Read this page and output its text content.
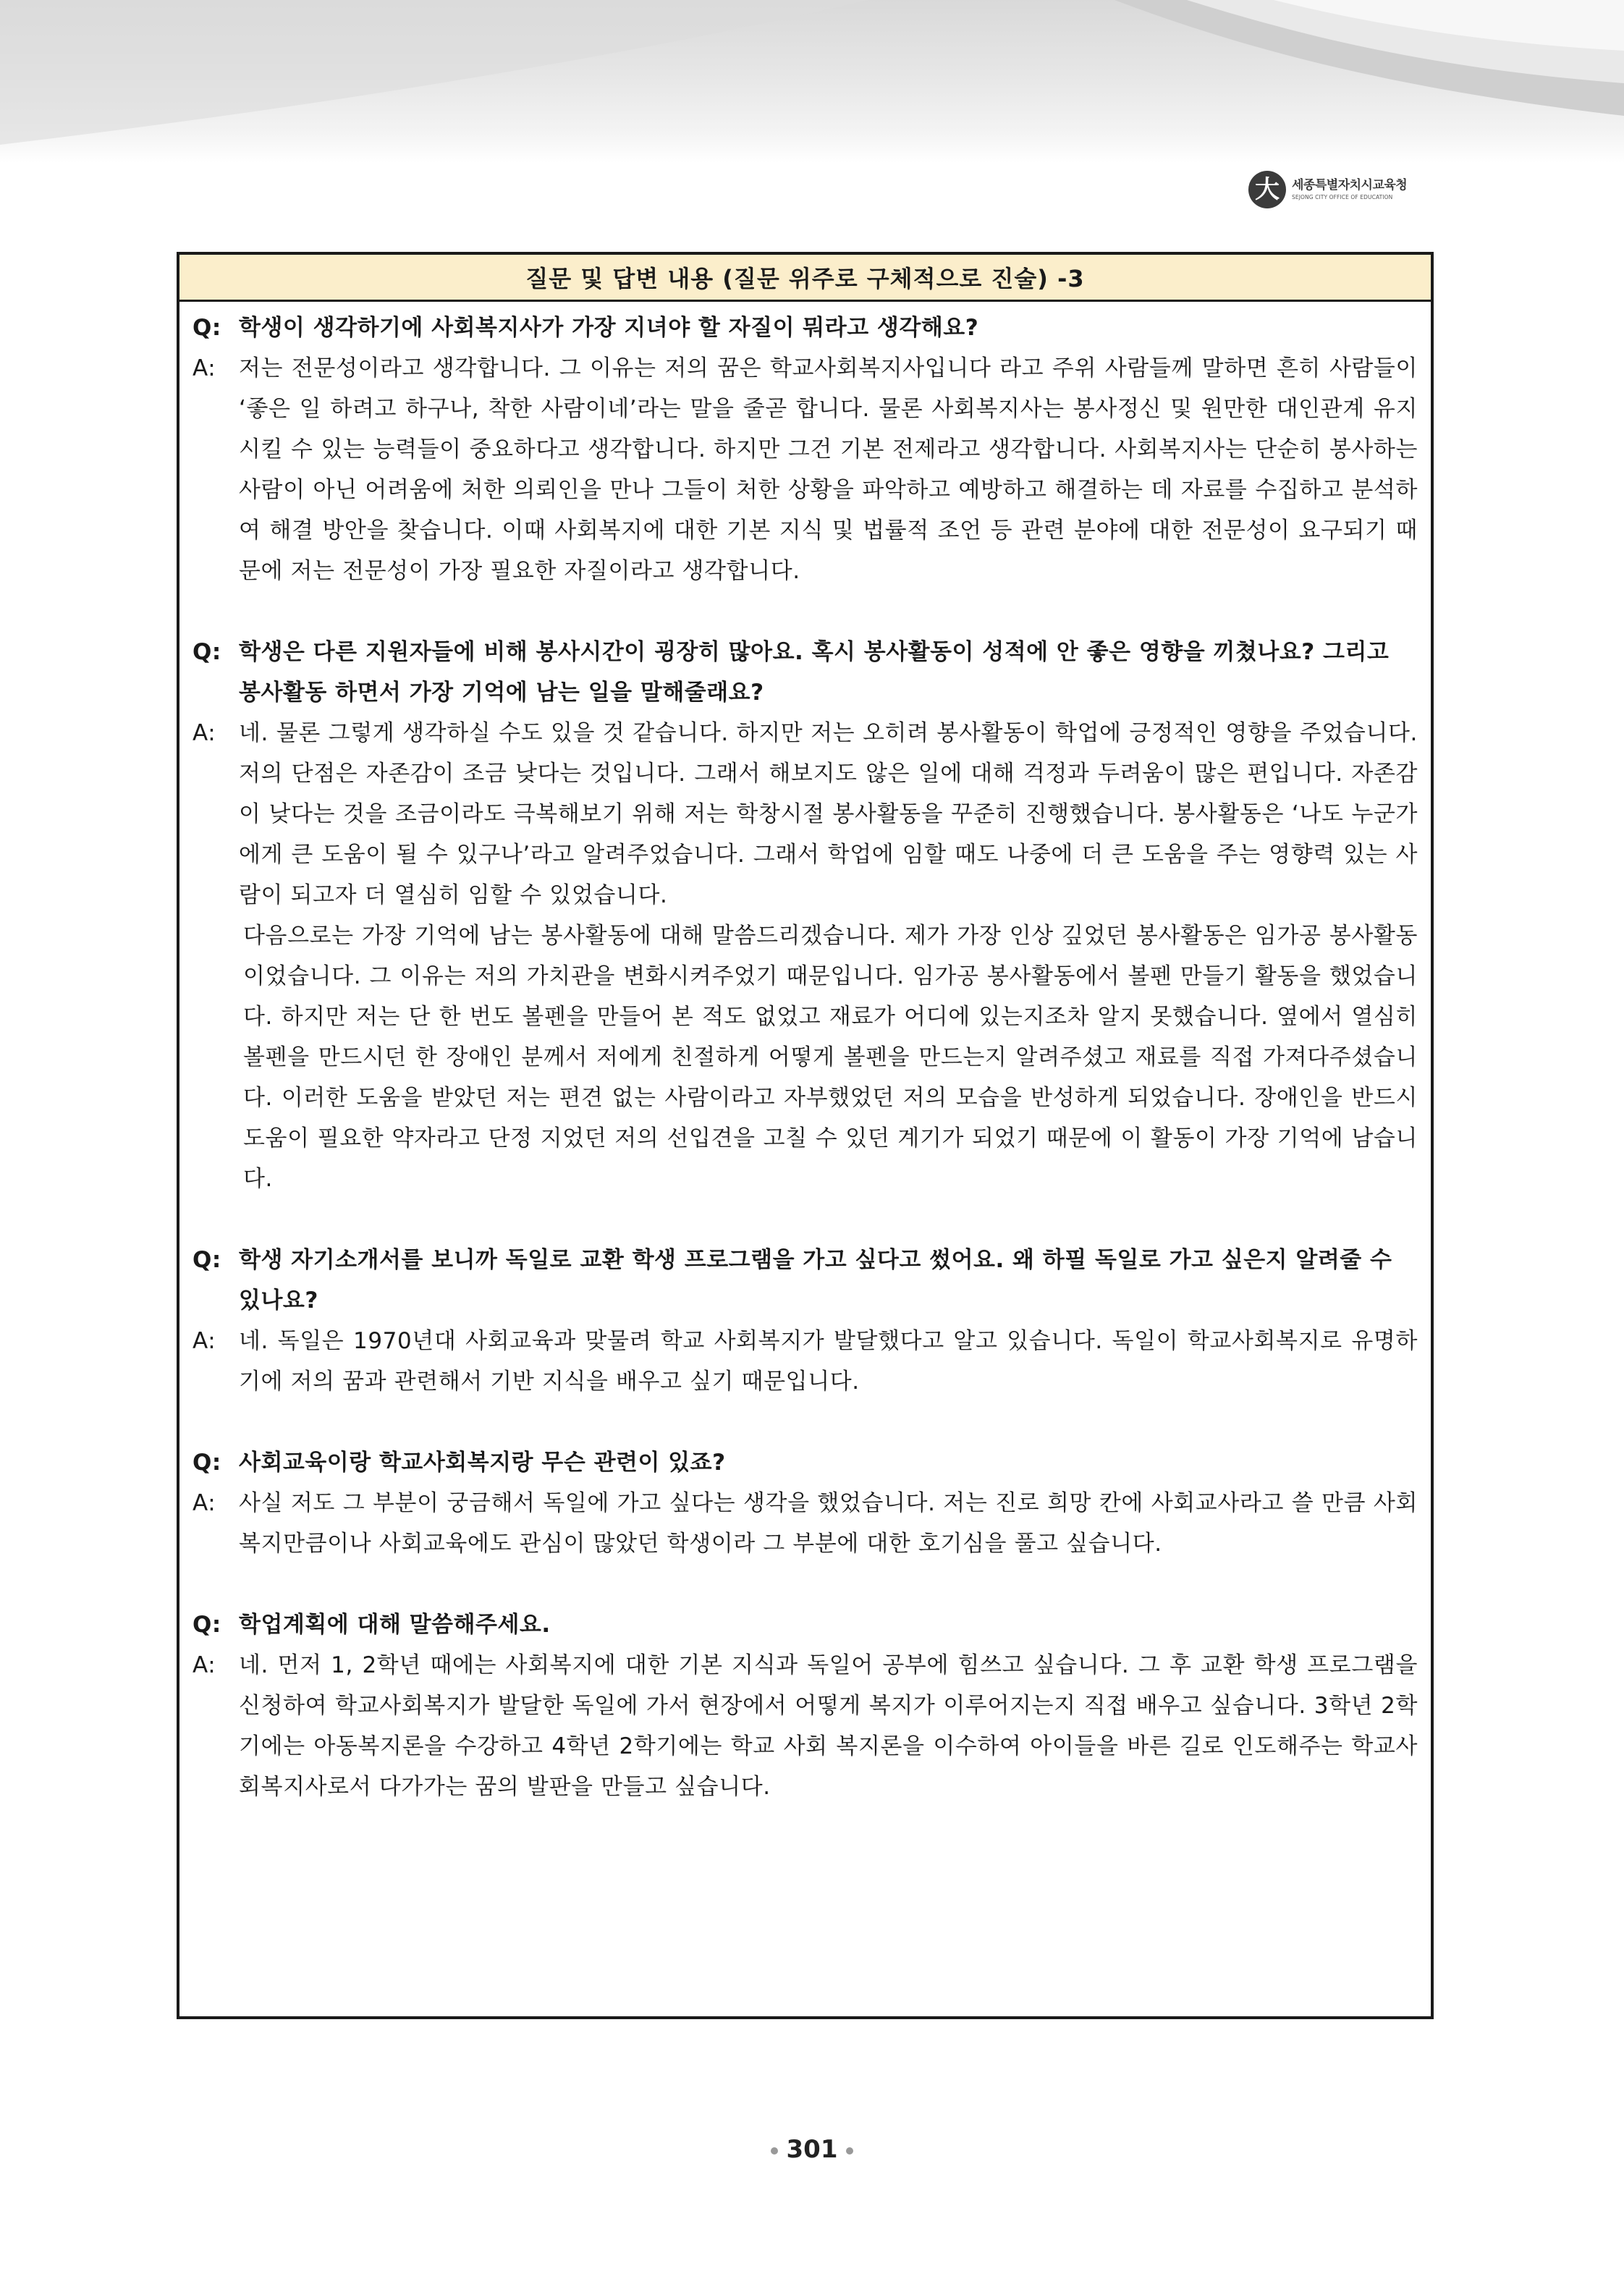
大	세종특별자치시교육청
SEJONG CITY OFFICE OF EDUCATION
질문 및 답변 내용 (질문 위주로 구체적으로 진술) -3
Q: 학생이 생각하기에 사회복지사가 가장 지녀야 할 자질이 뭐라고 생각해요?
A: 저는 전문성이라고 생각합니다. 그 이유는 저의 꿈은 학교사회복지사입니다 라고 주위 사람들께 말하면 흔히 사람들이 ‘좋은 일 하려고 하구나, 착한 사람이네’라는 말을 줄곧 합니다. 물론 사회복지사는 봉사정신 및 원만한 대인관계 유지시킬 수 있는 능력들이 중요하다고 생각합니다. 하지만 그건 기본 전제라고 생각합니다. 사회복지사는 단순히 봉사하는 사람이 아닌 어려움에 처한 의뢰인을 만나 그들이 처한 상황을 파악하고 예방하고 해결하는 데 자료를 수집하고 분석하여 해결 방안을 찾습니다. 이때 사회복지에 대한 기본 지식 및 법률적 조언 등 관련 분야에 대한 전문성이 요구되기 때문에 저는 전문성이 가장 필요한 자질이라고 생각합니다.

Q: 학생은 다른 지원자들에 비해 봉사시간이 굉장히 많아요. 혹시 봉사활동이 성적에 안 좋은 영향을 끼쳤나요? 그리고 봉사활동 하면서 가장 기억에 남는 일을 말해줄래요?
A: 네. 물론 그렇게 생각하실 수도 있을 것 같습니다. 하지만 저는 오히려 봉사활동이 학업에 긍정적인 영향을 주었습니다. 저의 단점은 자존감이 조금 낮다는 것입니다. 그래서 해보지도 않은 일에 대해 걱정과 두려움이 많은 편입니다. 자존감이 낮다는 것을 조금이라도 극복해보기 위해 저는 학창시절 봉사활동을 꾸준히 진행했습니다. 봉사활동은 ‘나도 누군가에게 큰 도움이 될 수 있구나’라고 알려주었습니다. 그래서 학업에 임할 때도 나중에 더 큰 도움을 주는 영향력 있는 사람이 되고자 더 열심히 임할 수 있었습니다.

다음으로는 가장 기억에 남는 봉사활동에 대해 말씀드리겠습니다. 제가 가장 인상 깊었던 봉사활동은 임가공 봉사활동이었습니다. 그 이유는 저의 가치관을 변화시켜주었기 때문입니다. 임가공 봉사활동에서 볼펜 만들기 활동을 했었습니다. 하지만 저는 단 한 번도 볼펜을 만들어 본 적도 없었고 재료가 어디에 있는지조차 알지 못했습니다. 옆에서 열심히 볼펜을 만드시던 한 장애인 분께서 저에게 친절하게 어떻게 볼펜을 만드는지 알려주셨고 재료를 직접 가져다주셨습니다. 이러한 도움을 받았던 저는 편견 없는 사람이라고 자부했었던 저의 모습을 반성하게 되었습니다. 장애인을 반드시 도움이 필요한 약자라고 단정 지었던 저의 선입견을 고칠 수 있던 계기가 되었기 때문에 이 활동이 가장 기억에 남습니다.

Q: 학생 자기소개서를 보니까 독일로 교환 학생 프로그램을 가고 싶다고 썼어요. 왜 하필 독일로 가고 싶은지 알려줄 수 있나요?
A: 네. 독일은 1970년대 사회교육과 맞물려 학교 사회복지가 발달했다고 알고 있습니다. 독일이 학교사회복지로 유명하기에 저의 꿈과 관련해서 기반 지식을 배우고 싶기 때문입니다.

Q: 사회교육이랑 학교사회복지랑 무슨 관련이 있죠?
A: 사실 저도 그 부분이 궁금해서 독일에 가고 싶다는 생각을 했었습니다. 저는 진로 희망 칸에 사회교사라고 쓸 만큼 사회복지만큼이나 사회교육에도 관심이 많았던 학생이라 그 부분에 대한 호기심을 풀고 싶습니다.

Q: 학업계획에 대해 말씀해주세요.
A: 네. 먼저 1, 2학년 때에는 사회복지에 대한 기본 지식과 독일어 공부에 힘쓰고 싶습니다. 그 후 교환 학생 프로그램을 신청하여 학교사회복지가 발달한 독일에 가서 현장에서 어떻게 복지가 이루어지는지 직접 배우고 싶습니다. 3학년 2학기에는 아동복지론을 수강하고 4학년 2학기에는 학교 사회 복지론을 이수하여 아이들을 바른 길로 인도해주는 학교사회복지사로서 다가가는 꿈의 발판을 만들고 싶습니다.

301
